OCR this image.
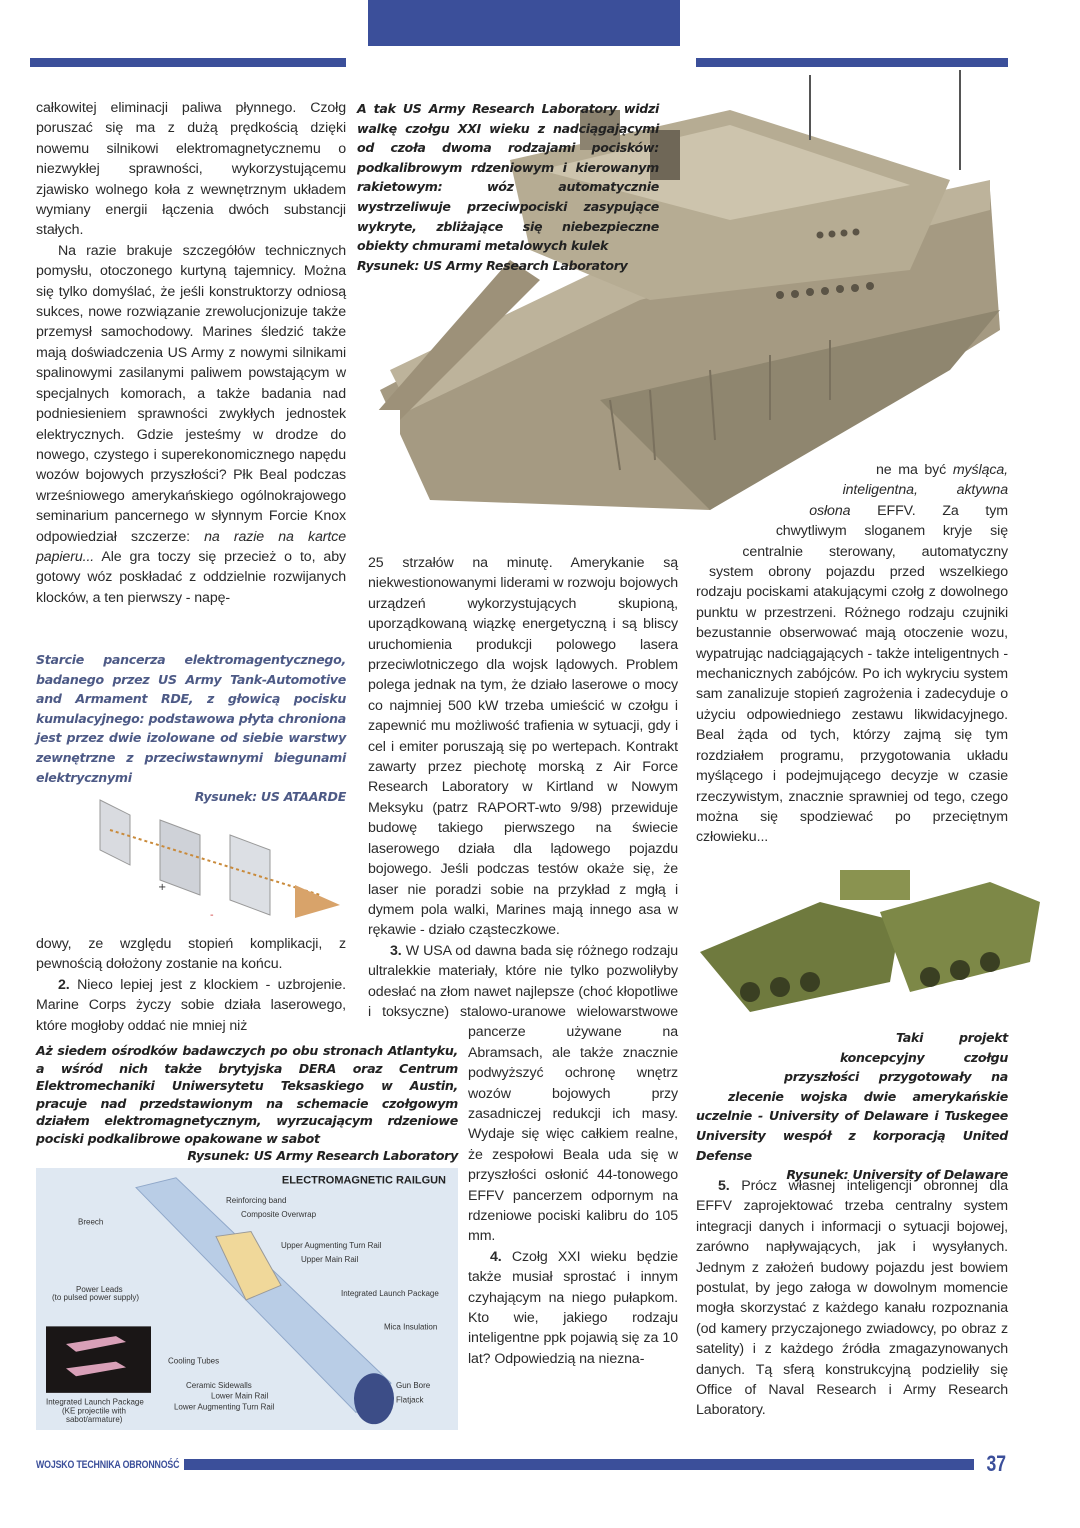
A tak US Army Research Laboratory widzi walkę czołgu XXI wieku z nadciągającymi od czoła dwoma rodzajami pocisków: podkalibrowym rdzeniowym i kierowanym rakietowym: wóz automatycznie wystrzeliwuje przeciwpociski zasypujące wykryte, zbliżające się niebezpieczne obiekty chmurami metalowych kulek
Rysunek: US Army Research Laboratory

całkowitej eliminacji paliwa płynnego. Czołg poruszać się ma z dużą prędkością dzięki nowemu silnikowi elektromagnetycznemu o niezwykłej sprawności, wykorzystującemu zjawisko wolnego koła z wewnętrznym układem wymiany energii łączenia dwóch substancji stałych.

Na razie brakuje szczegółów technicznych pomysłu, otoczonego kurtyną tajemnicy. Można się tylko domyślać, że jeśli konstruktorzy odniosą sukces, nowe rozwiązanie zrewolucjonizuje także przemysł samochodowy. Marines śledzić także mają doświadczenia US Army z nowymi silnikami spalinowymi zasilanymi paliwem powstającym w specjalnych komorach, a także badania nad podniesieniem sprawności zwykłych jednostek elektrycznych. Gdzie jesteśmy w drodze do nowego, czystego i superekonomicznego napędu wozów bojowych przyszłości? Płk Beal podczas wrześniowego amerykańskiego ogólnokrajowego seminarium pancernego w słynnym Forcie Knox odpowiedział szczerze: na razie na kartce papieru... Ale gra toczy się przecież o to, aby gotowy wóz poskładać z oddzielnie rozwijanych klocków, a ten pierwszy - napę-

Starcie pancerza elektromagentycznego, badanego przez US Army Tank-Automotive and Armament RDE, z głowicą pocisku kumulacyjnego: podstawowa płyta chroniona jest przez dwie izolowane od siebie warstwy zewnętrzne z przeciwstawnymi biegunami elektrycznymi
Rysunek: US ATAARDE
+
-

dowy, ze względu stopień komplikacji, z pewnością dołożony zostanie na końcu.

2. Nieco lepiej jest z klockiem - uzbrojenie. Marine Corps życzy sobie działa laserowego, które mogłoby oddać nie mniej niż

Aż siedem ośrodków badawczych po obu stronach Atlantyku, a wśród nich także brytyjska DERA oraz Centrum Elektromechaniki Uniwersytetu Teksaskiego w Austin, pracuje nad przedstawionym na schemacie czołgowym działem elektromagnetycznym, wyrzucającym rdzeniowe pociski podkalibrowe opakowane w sabot
Rysunek: US Army Research Laboratory
ELECTROMAGNETIC RAILGUN
Reinforcing band
Composite Overwrap
Breech
Upper Augmenting Turn Rail
Upper Main Rail
Power Leads
(to pulsed power supply)	Integrated Launch Package
Mica Insulation
Cooling Tubes
Ceramic Sidewalls	Gun Bore
Lower Main Rail	Flatjack
Lower Augmenting Turn Rail
Integrated Launch Package
(KE projectile with
sabot/armature)

25 strzałów na minutę. Amerykanie są niekwestionowanymi liderami w rozwoju bojowych urządzeń wykorzystujących skupioną, uporządkowaną wiązkę energetyczną i są bliscy uruchomienia produkcji polowego lasera przeciwlotniczego dla wojsk lądowych. Problem polega jednak na tym, że działo laserowe o mocy co najmniej 500 kW trzeba umieścić w czołgu i zapewnić mu możliwość trafienia w sytuacji, gdy i cel i emiter poruszają się po wertepach. Kontrakt zawarty przez piechotę morską z Air Force Research Laboratory w Kirtland w Nowym Meksyku (patrz RAPORT-wto 9/98) przewiduje budowę takiego pierwszego na świecie laserowego działa dla lądowego pojazdu bojowego. Jeśli podczas testów okaże się, że laser nie poradzi sobie na przykład z mgłą i dymem pola walki, Marines mają innego asa w rękawie - działo cząsteczkowe.

3. W USA od dawna bada się różnego rodzaju ultralekkie materiały, które nie tylko pozwoliłyby odesłać na złom nawet najlepsze (choć kłopotliwe i toksyczne) stalowo-uranowe wielowarstwowe pancerze używane na Abramsach, ale także znacznie podwyższyć ochronę wnętrz wozów bojowych przy zasadniczej redukcji ich masy. Wydaje się więc całkiem realne, że zespołowi Beala uda się w przyszłości osłonić 44-tonowego EFFV pancerzem odpornym na rdzeniowe pociski kalibru do 105 mm.

4. Czołg XXI wieku będzie także musiał sprostać i innym czyhającym na niego pułapkom. Kto wie, jakiego rodzaju inteligentne ppk pojawią się za 10 lat? Odpowiedzią na niezna-

ne ma być myśląca, inteligentna, aktywna osłona EFFV. Za tym chwytliwym sloganem kryje się centralnie sterowany, automatyczny system obrony pojazdu przed wszelkiego rodzaju pociskami atakującymi czołg z dowolnego punktu w przestrzeni. Różnego rodzaju czujniki bezustannie obserwować mają otoczenie wozu, wypatrując nadciągających - także inteligentnych - mechanicznych zabójców. Po ich wykryciu system sam zanalizuje stopień zagrożenia i zadecyduje o użyciu odpowiedniego zestawu likwidacyjnego. Beal żąda od tych, którzy zajmą się tym rozdziałem programu, przygotowania układu myślącego i podejmującego decyzje w czasie rzeczywistym, znacznie sprawniej od tego, czego można się spodziewać po przeciętnym człowieku...

Taki projekt koncepcyjny czołgu przyszłości przygotowały na zlecenie wojska dwie amerykańskie uczelnie - University of Delaware i Tuskegee University wespół z korporacją United Defense
Rysunek: University of Delaware

5. Prócz własnej inteligencji obronnej dla EFFV zaprojektować trzeba centralny system integracji danych i informacji o sytuacji bojowej, zarówno napływających, jak i wysyłanych. Jednym z założeń budowy pojazdu jest bowiem postulat, by jego załoga w dowolnym momencie mogła skorzystać z każdego kanału rozpoznania (od kamery przyczajonego zwiadowcy, po obraz z satelity) i z każdego źródła zmagazynowanych danych. Tą sferą konstrukcyjną podzieliły się Office of Naval Research i Army Research Laboratory.

WOJSKO TECHNIKA OBRONNOŚĆ	37
